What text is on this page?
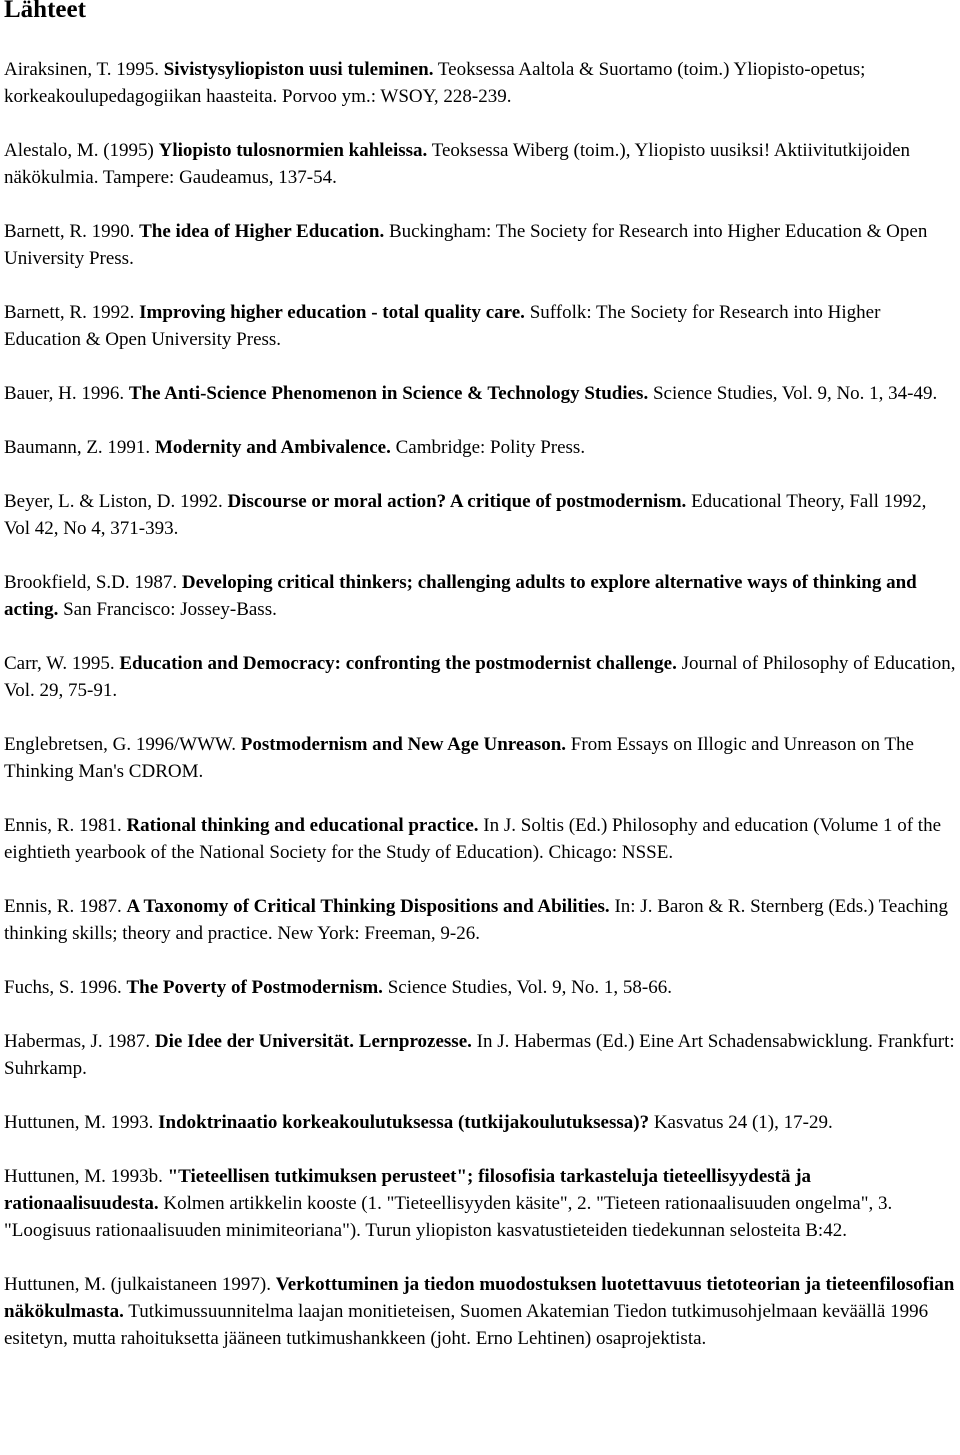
Lähteet

Airaksinen, T. 1995. Sivistysyliopiston uusi tuleminen. Teoksessa Aaltola & Suortamo (toim.) Yliopisto-opetus; korkeakoulupedagogiikan haasteita. Porvoo ym.: WSOY, 228-239.

Alestalo, M. (1995) Yliopisto tulosnormien kahleissa. Teoksessa Wiberg (toim.), Yliopisto uusiksi! Aktiivitutkijoiden näkökulmia. Tampere: Gaudeamus, 137-54.

Barnett, R. 1990. The idea of Higher Education. Buckingham: The Society for Research into Higher Education & Open University Press.

Barnett, R. 1992. Improving higher education - total quality care. Suffolk: The Society for Research into Higher Education & Open University Press.

Bauer, H. 1996. The Anti-Science Phenomenon in Science & Technology Studies. Science Studies, Vol. 9, No. 1, 34-49.

Baumann, Z. 1991. Modernity and Ambivalence. Cambridge: Polity Press.

Beyer, L. & Liston, D. 1992. Discourse or moral action? A critique of postmodernism. Educational Theory, Fall 1992, Vol 42, No 4, 371-393.

Brookfield, S.D. 1987. Developing critical thinkers; challenging adults to explore alternative ways of thinking and acting. San Francisco: Jossey-Bass.

Carr, W. 1995. Education and Democracy: confronting the postmodernist challenge. Journal of Philosophy of Education, Vol. 29, 75-91.

Englebretsen, G. 1996/WWW. Postmodernism and New Age Unreason. From Essays on Illogic and Unreason on The Thinking Man's CDROM.

Ennis, R. 1981. Rational thinking and educational practice. In J. Soltis (Ed.) Philosophy and education (Volume 1 of the eightieth yearbook of the National Society for the Study of Education). Chicago: NSSE.

Ennis, R. 1987. A Taxonomy of Critical Thinking Dispositions and Abilities. In: J. Baron & R. Sternberg (Eds.) Teaching thinking skills; theory and practice. New York: Freeman, 9-26.

Fuchs, S. 1996. The Poverty of Postmodernism. Science Studies, Vol. 9, No. 1, 58-66.

Habermas, J. 1987. Die Idee der Universität. Lernprozesse. In J. Habermas (Ed.) Eine Art Schadensabwicklung. Frankfurt: Suhrkamp.

Huttunen, M. 1993. Indoktrinaatio korkeakoulutuksessa (tutkijakoulutuksessa)? Kasvatus 24 (1), 17-29.

Huttunen, M. 1993b. "Tieteellisen tutkimuksen perusteet"; filosofisia tarkasteluja tieteellisyydestä ja rationaalisuudesta. Kolmen artikkelin kooste (1. "Tieteellisyyden käsite", 2. "Tieteen rationaalisuuden ongelma", 3. "Loogisuus rationaalisuuden minimiteoriana"). Turun yliopiston kasvatustieteiden tiedekunnan selosteita B:42.

Huttunen, M. (julkaistaneen 1997). Verkottuminen ja tiedon muodostuksen luotettavuus tietoteorian ja tieteenfilosofian näkökulmasta. Tutkimussuunnitelma laajan monitieteisen, Suomen Akatemian Tiedon tutkimusohjelmaan keväällä 1996 esitetyn, mutta rahoituksetta jääneen tutkimushankkeen (joht. Erno Lehtinen) osaprojektista.
